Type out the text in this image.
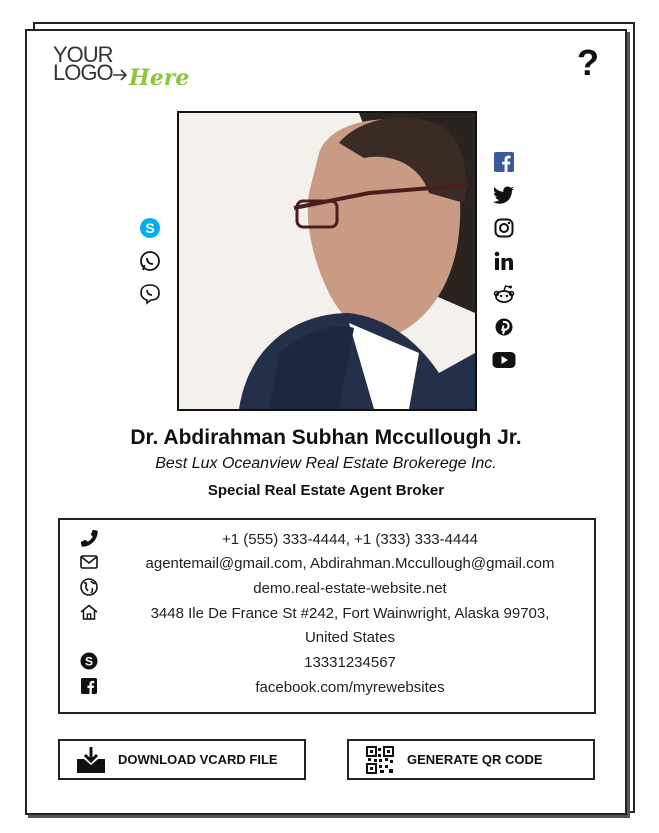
YOUR
LOGO Here	?
S
Dr. Abdirahman Subhan Mccullough Jr.
Best Lux Oceanview Real Estate Brokerege Inc.
Special Real Estate Agent Broker
+1 (555) 333-4444, +1 (333) 333-4444
agentemail@gmail.com, Abdirahman.Mccullough@gmail.com
demo.real-estate-website.net
3448 Ile De France St #242, Fort Wainwright, Alaska 99703,
United States
S	13331234567
facebook.com/myrewebsites
DOWNLOAD VCARD FILE	GENERATE QR CODE
